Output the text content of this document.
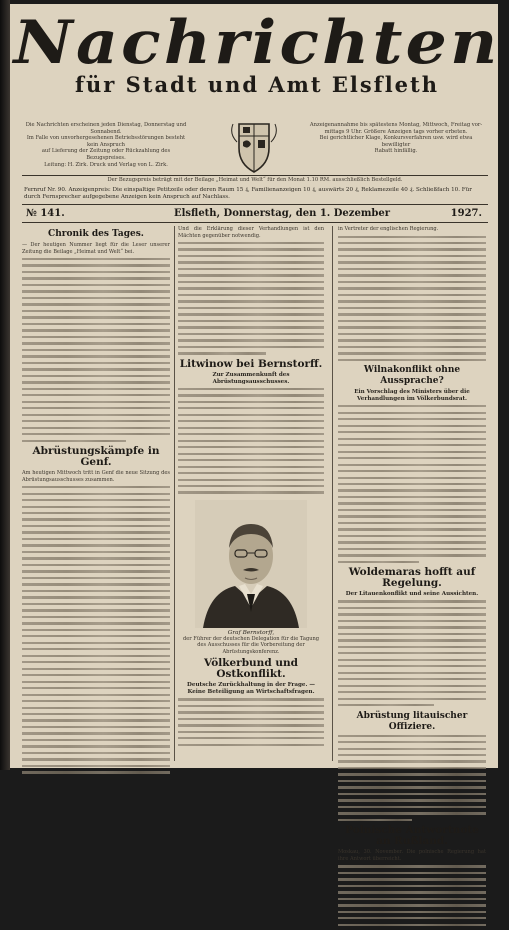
Nachrichten
für Stadt und Amt Elsfleth
Die Nachrichten erscheinen jeden Dienstag, Donnerstag und Sonnabend.
Im Falle von unvorhergesehenen Betriebsstörungen besteht kein Anspruch
auf Lieferung der Zeitung oder Rückzahlung des Bezugspreises.
Leitung: H. Zirk. Druck und Verlag von L. Zirk.
Anzeigenannahme bis spätestens Montag, Mittwoch, Freitag vor-
mittags 9 Uhr. Größere Anzeigen tags vorher erbeten.
Bei gerichtlicher Klage, Konkursverfahren usw. wird etwa bewilligter
Rabatt hinfällig.
Der Bezugspreis beträgt mit der Beilage „Heimat und Welt“ für den Monat 1.10 RM. ausschließlich Bestellgeld.
Fernruf Nr. 90. Anzeigenpreis: Die einspaltige Petitzeile oder deren Raum 15 ₰, Familienanzeigen 10 ₰, auswärts 20 ₰, Reklamezeile 40 ₰. Schließfach 10. Für durch Fernsprecher aufgegebene Anzeigen kein Anspruch auf Nachlass.
№ 141.	Elsfleth, Donnerstag, den 1. Dezember	1927.
Chronik des Tages.
— Der heutigen Nummer liegt für die Leser unserer Zeitung die Beilage „Heimat und Welt“ bei.
Abrüstungskämpfe in Genf.
Am heutigen Mittwoch tritt in Genf die neue Sitzung des Abrüstungsausschusses zusammen.
Und die Erklärung dieser Verhandlungen ist den Mächten gegenüber notwendig.
Litwinow bei Bernstorff.
Zur Zusammenkunft des Abrüstungsausschusses.
Graf Bernstorff,
der Führer der deutschen Delegation für die Tagung des Ausschusses für die Vorbereitung der Abrüstungskonferenz.
Völkerbund und Ostkonflikt.
Deutsche Zurückhaltung in der Frage. — Keine Beteiligung an Wirtschaftsfragen.
in Vertreter der englischen Regierung.
Wilnakonflikt ohne Aussprache?
Ein Vorschlag des Ministers über die Verhandlungen im Völkerbundsrat.
Woldemaras hofft auf Regelung.
Der Litauenkonflikt und seine Aussichten.
Abrüstung litauischer Offiziere.
Polnische Antwortnote an Rußland.
Moskau, 30. November. Die polnische Regierung hat ihre Antwort überreicht.
